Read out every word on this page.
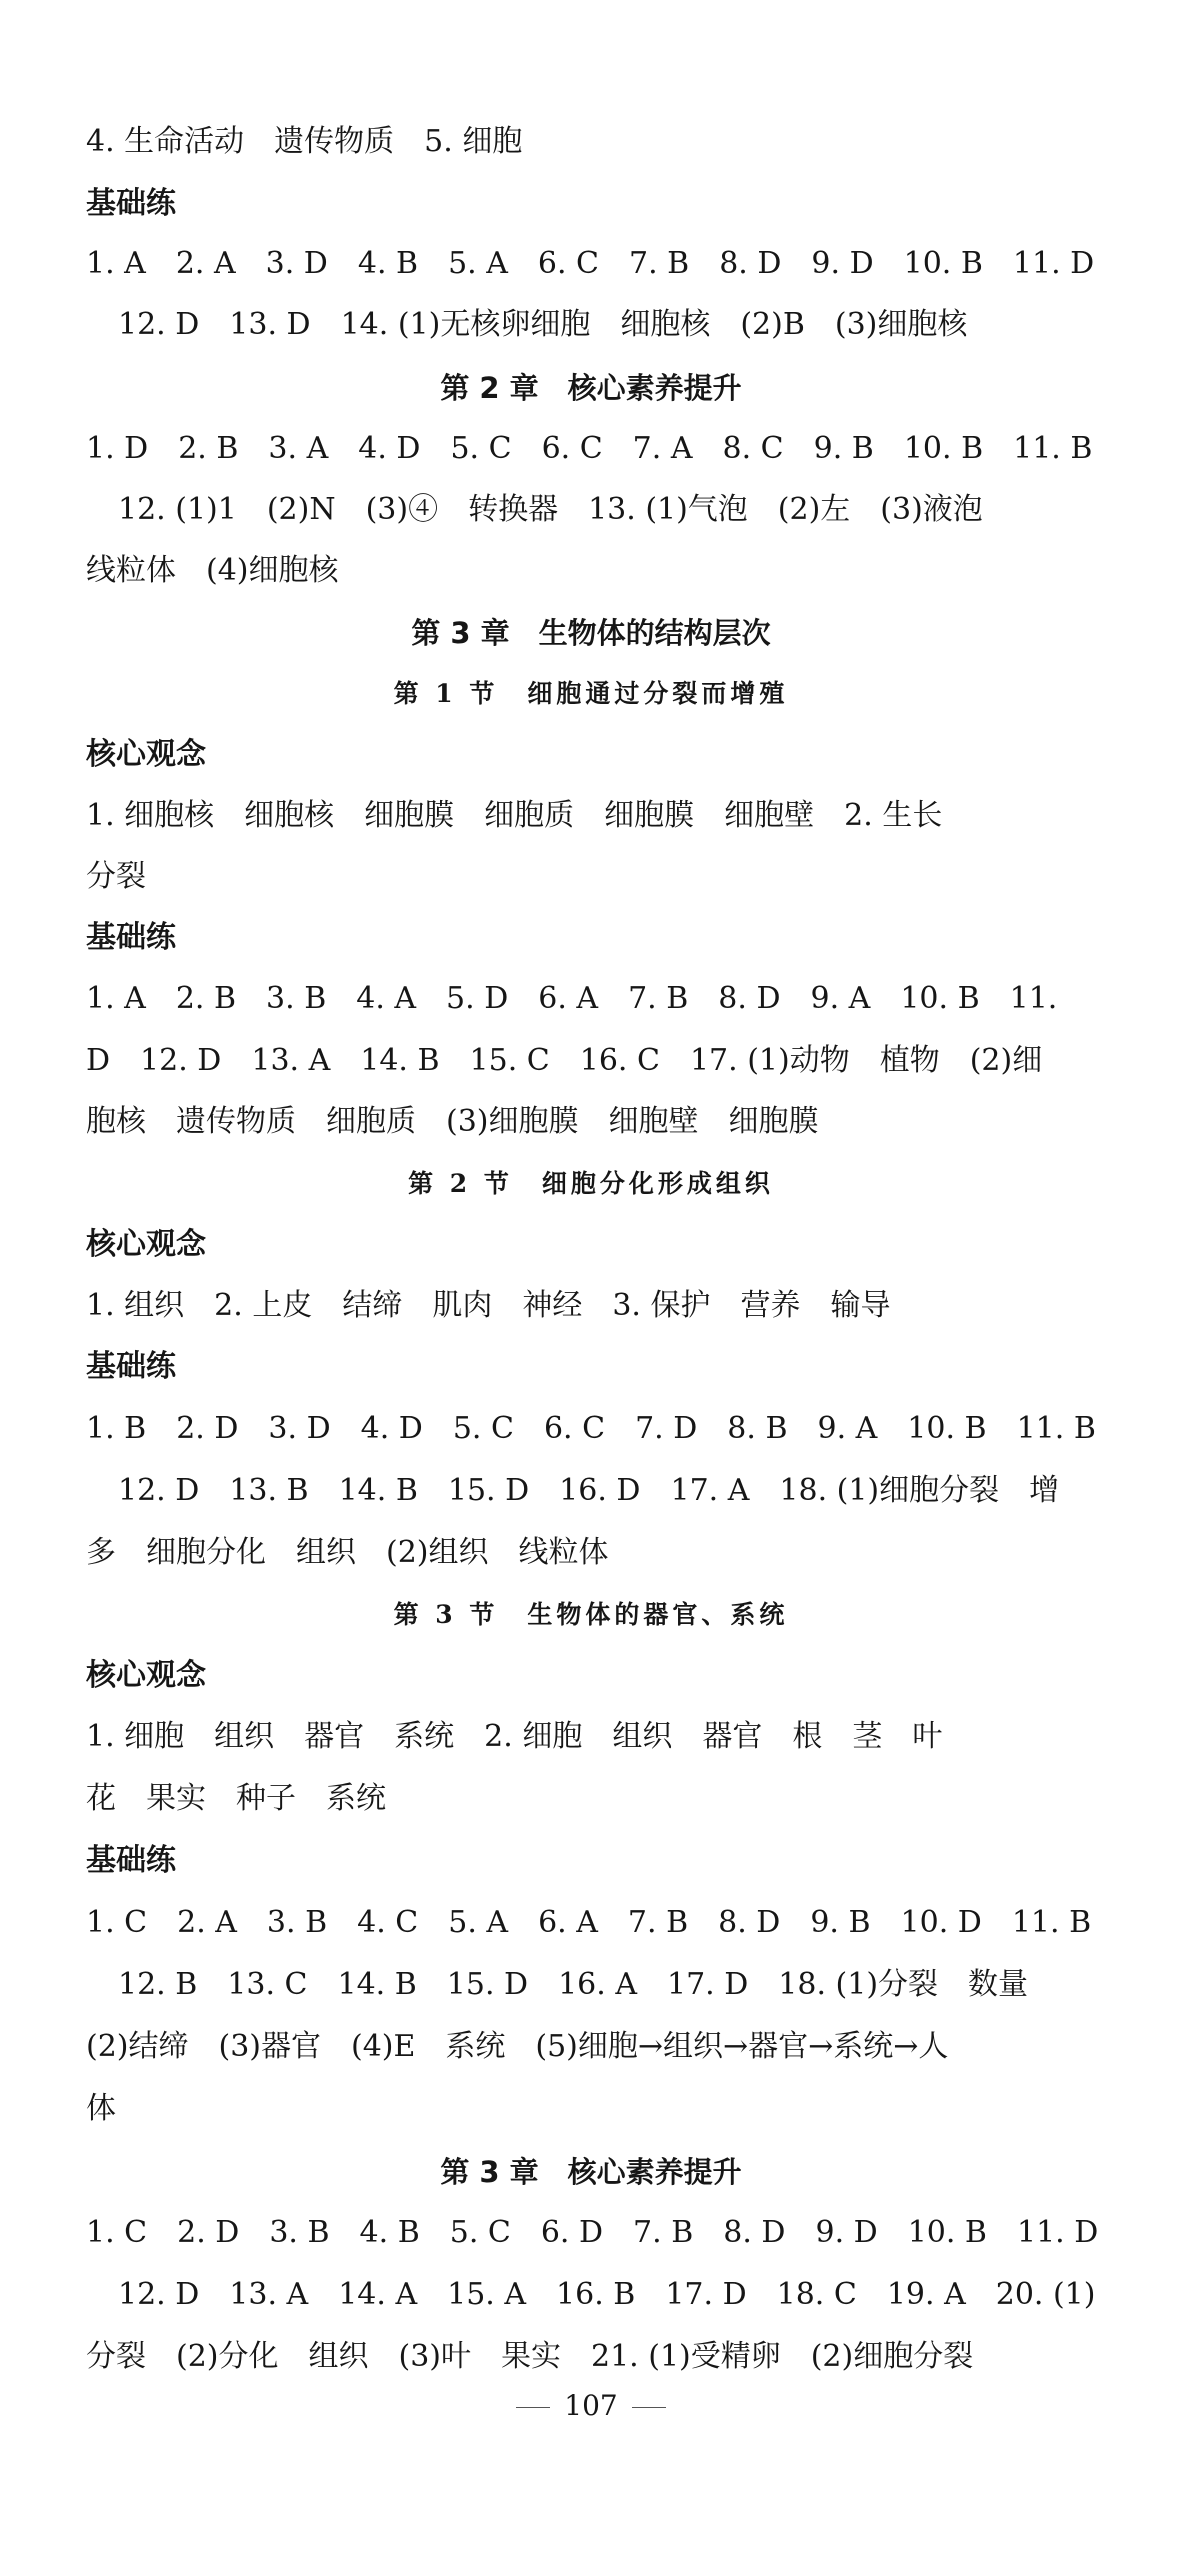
4. 生命活动　遗传物质　5. 细胞
基础练
1. A　2. A　3. D　4. B　5. A　6. C　7. B　8. D　9. D　10. B　11. D
12. D　13. D　14. (1)无核卵细胞　细胞核　(2)B　(3)细胞核
第 2 章　核心素养提升
1. D　2. B　3. A　4. D　5. C　6. C　7. A　8. C　9. B　10. B　11. B
12. (1)1　(2)N　(3)④　转换器　13. (1)气泡　(2)左　(3)液泡
线粒体　(4)细胞核
第 3 章　生物体的结构层次
第 1 节　细胞通过分裂而增殖
核心观念
1. 细胞核　细胞核　细胞膜　细胞质　细胞膜　细胞壁　2. 生长
分裂
基础练
1. A　2. B　3. B　4. A　5. D　6. A　7. B　8. D　9. A　10. B　11.
D　12. D　13. A　14. B　15. C　16. C　17. (1)动物　植物　(2)细
胞核　遗传物质　细胞质　(3)细胞膜　细胞壁　细胞膜
第 2 节　细胞分化形成组织
核心观念
1. 组织　2. 上皮　结缔　肌肉　神经　3. 保护　营养　输导
基础练
1. B　2. D　3. D　4. D　5. C　6. C　7. D　8. B　9. A　10. B　11. B
12. D　13. B　14. B　15. D　16. D　17. A　18. (1)细胞分裂　增
多　细胞分化　组织　(2)组织　线粒体
第 3 节　生物体的器官、系统
核心观念
1. 细胞　组织　器官　系统　2. 细胞　组织　器官　根　茎　叶
花　果实　种子　系统
基础练
1. C　2. A　3. B　4. C　5. A　6. A　7. B　8. D　9. B　10. D　11. B
12. B　13. C　14. B　15. D　16. A　17. D　18. (1)分裂　数量
(2)结缔　(3)器官　(4)E　系统　(5)细胞→组织→器官→系统→人
体
第 3 章　核心素养提升
1. C　2. D　3. B　4. B　5. C　6. D　7. B　8. D　9. D　10. B　11. D
12. D　13. A　14. A　15. A　16. B　17. D　18. C　19. A　20. (1)
分裂　(2)分化　组织　(3)叶　果实　21. (1)受精卵　(2)细胞分裂
107
